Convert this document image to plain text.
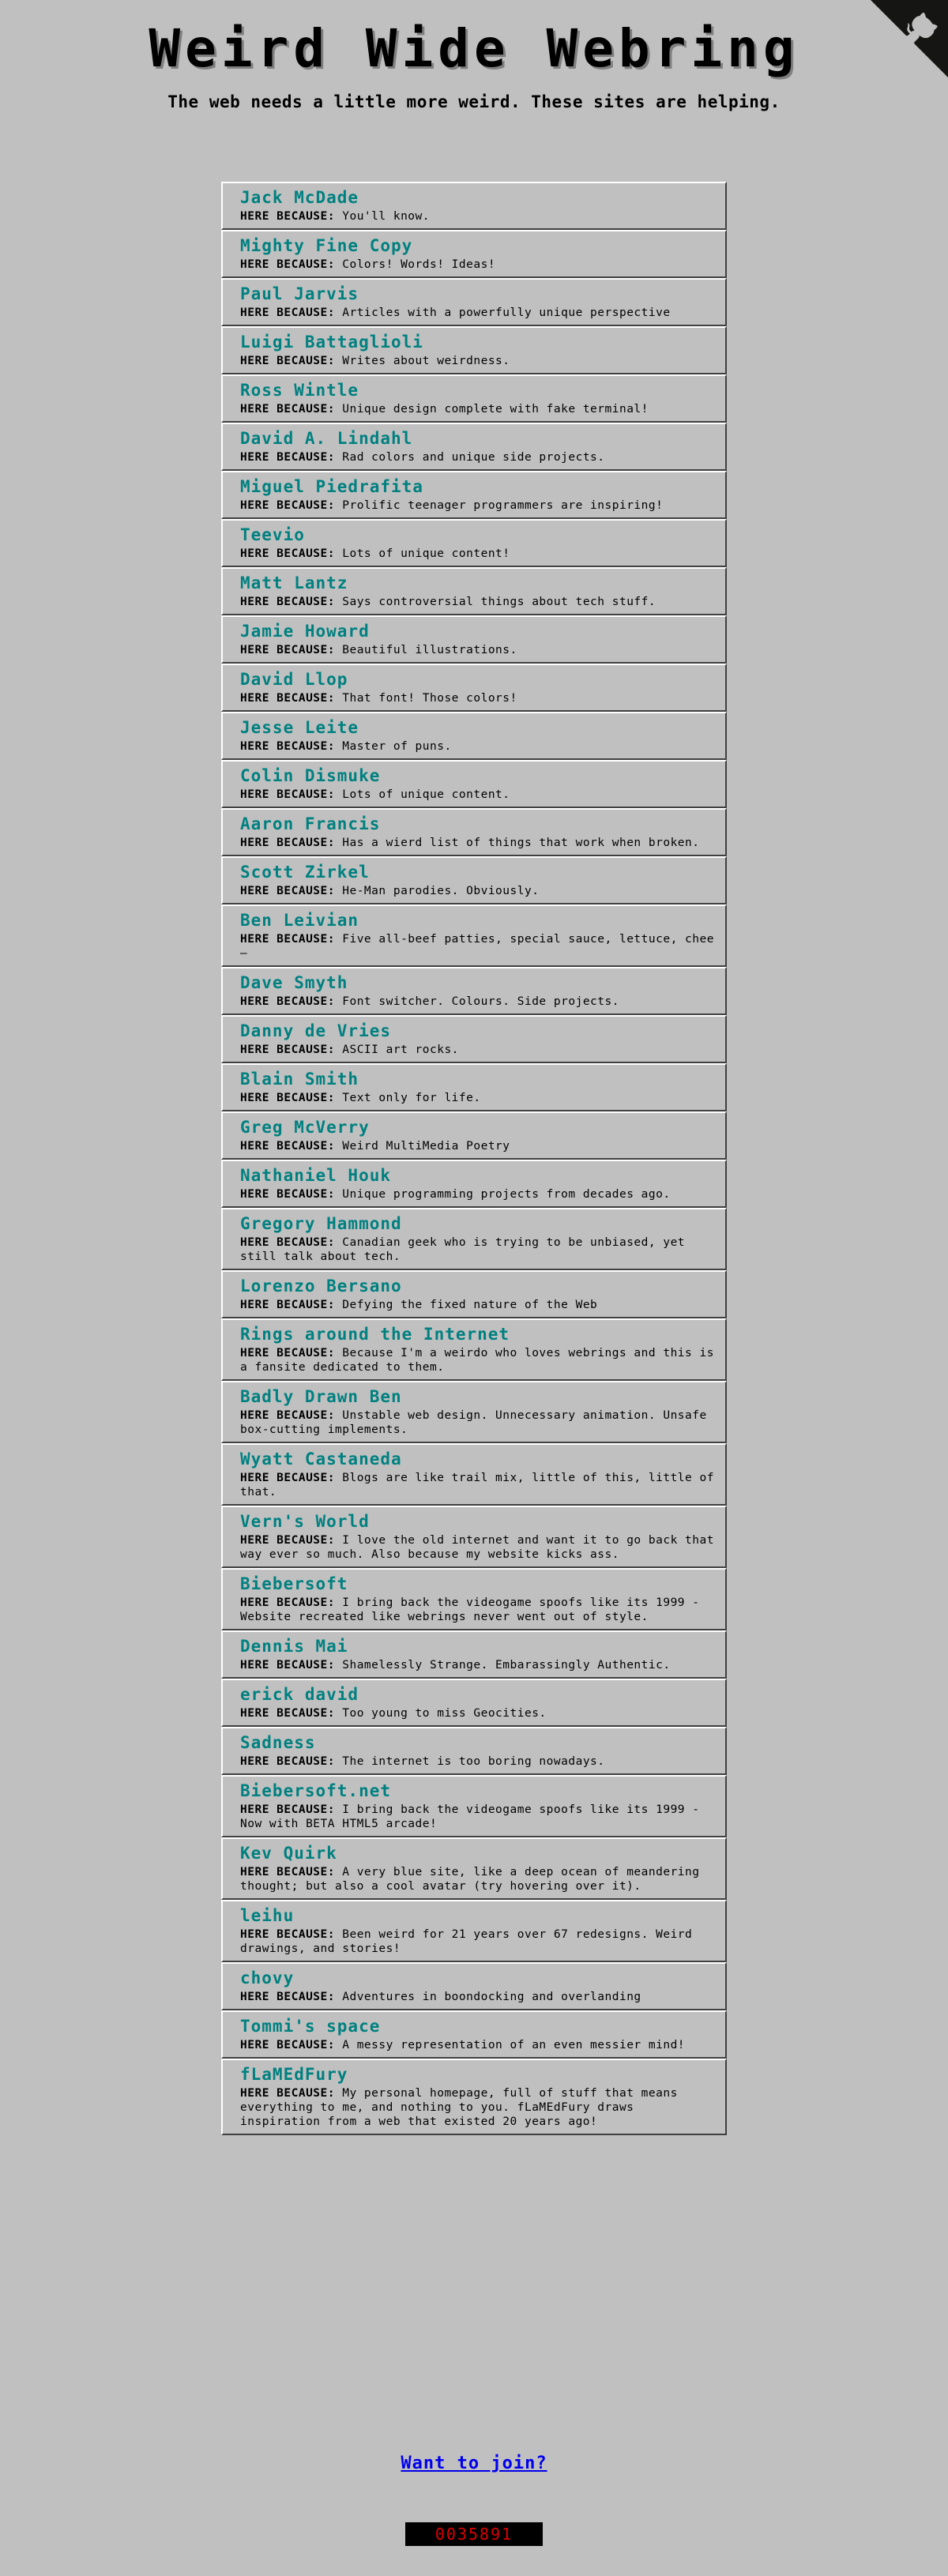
Weird Wide Webring

The web needs a little more weird. These sites are helping.

Jack McDade
HERE BECAUSE: You'll know.
Mighty Fine Copy
HERE BECAUSE: Colors! Words! Ideas!
Paul Jarvis
HERE BECAUSE: Articles with a powerfully unique perspective
Luigi Battaglioli
HERE BECAUSE: Writes about weirdness.
Ross Wintle
HERE BECAUSE: Unique design complete with fake terminal!
David A. Lindahl
HERE BECAUSE: Rad colors and unique side projects.
Miguel Piedrafita
HERE BECAUSE: Prolific teenager programmers are inspiring!
Teevio
HERE BECAUSE: Lots of unique content!
Matt Lantz
HERE BECAUSE: Says controversial things about tech stuff.
Jamie Howard
HERE BECAUSE: Beautiful illustrations.
David Llop
HERE BECAUSE: That font! Those colors!
Jesse Leite
HERE BECAUSE: Master of puns.
Colin Dismuke
HERE BECAUSE: Lots of unique content.
Aaron Francis
HERE BECAUSE: Has a wierd list of things that work when broken.
Scott Zirkel
HERE BECAUSE: He-Man parodies. Obviously.
Ben Leivian
HERE BECAUSE: Five all-beef patties, special sauce, lettuce, chee—
Dave Smyth
HERE BECAUSE: Font switcher. Colours. Side projects.
Danny de Vries
HERE BECAUSE: ASCII art rocks.
Blain Smith
HERE BECAUSE: Text only for life.
Greg McVerry
HERE BECAUSE: Weird MultiMedia Poetry
Nathaniel Houk
HERE BECAUSE: Unique programming projects from decades ago.
Gregory Hammond
HERE BECAUSE: Canadian geek who is trying to be unbiased, yet still talk about tech.
Lorenzo Bersano
HERE BECAUSE: Defying the fixed nature of the Web
Rings around the Internet
HERE BECAUSE: Because I'm a weirdo who loves webrings and this is a fansite dedicated to them.
Badly Drawn Ben
HERE BECAUSE: Unstable web design. Unnecessary animation. Unsafe box-cutting implements.
Wyatt Castaneda
HERE BECAUSE: Blogs are like trail mix, little of this, little of that.
Vern's World
HERE BECAUSE: I love the old internet and want it to go back that way ever so much. Also because my website kicks ass.
Biebersoft
HERE BECAUSE: I bring back the videogame spoofs like its 1999 - Website recreated like webrings never went out of style.
Dennis Mai
HERE BECAUSE: Shamelessly Strange. Embarassingly Authentic.
erick david
HERE BECAUSE: Too young to miss Geocities.
Sadness
HERE BECAUSE: The internet is too boring nowadays.
Biebersoft.net
HERE BECAUSE: I bring back the videogame spoofs like its 1999 - Now with BETA HTML5 arcade!
Kev Quirk
HERE BECAUSE: A very blue site, like a deep ocean of meandering thought; but also a cool avatar (try hovering over it).
leihu
HERE BECAUSE: Been weird for 21 years over 67 redesigns. Weird drawings, and stories!
chovy
HERE BECAUSE: Adventures in boondocking and overlanding
Tommi's space
HERE BECAUSE: A messy representation of an even messier mind!
fLaMEdFury
HERE BECAUSE: My personal homepage, full of stuff that means everything to me, and nothing to you. fLaMEdFury draws inspiration from a web that existed 20 years ago!
Want to join?
0035891
